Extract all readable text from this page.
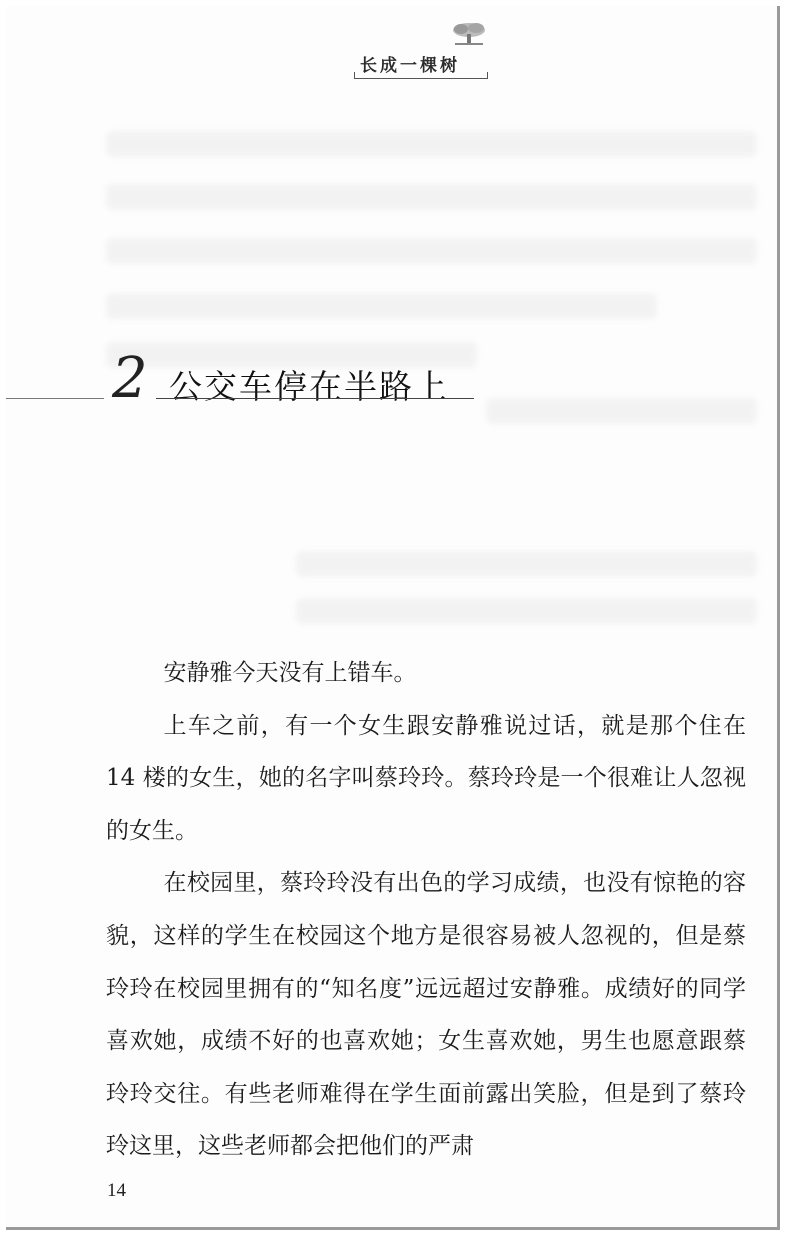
长成一棵树
2 公交车停在半路上

安静雅今天没有上错车。

上车之前，有一个女生跟安静雅说过话，就是那个住在 14 楼的女生，她的名字叫蔡玲玲。蔡玲玲是一个很难让人忽视的女生。

在校园里，蔡玲玲没有出色的学习成绩，也没有惊艳的容貌，这样的学生在校园这个地方是很容易被人忽视的，但是蔡玲玲在校园里拥有的“知名度”远远超过安静雅。成绩好的同学喜欢她，成绩不好的也喜欢她；女生喜欢她，男生也愿意跟蔡玲玲交往。有些老师难得在学生面前露出笑脸，但是到了蔡玲玲这里，这些老师都会把他们的严肃

14
